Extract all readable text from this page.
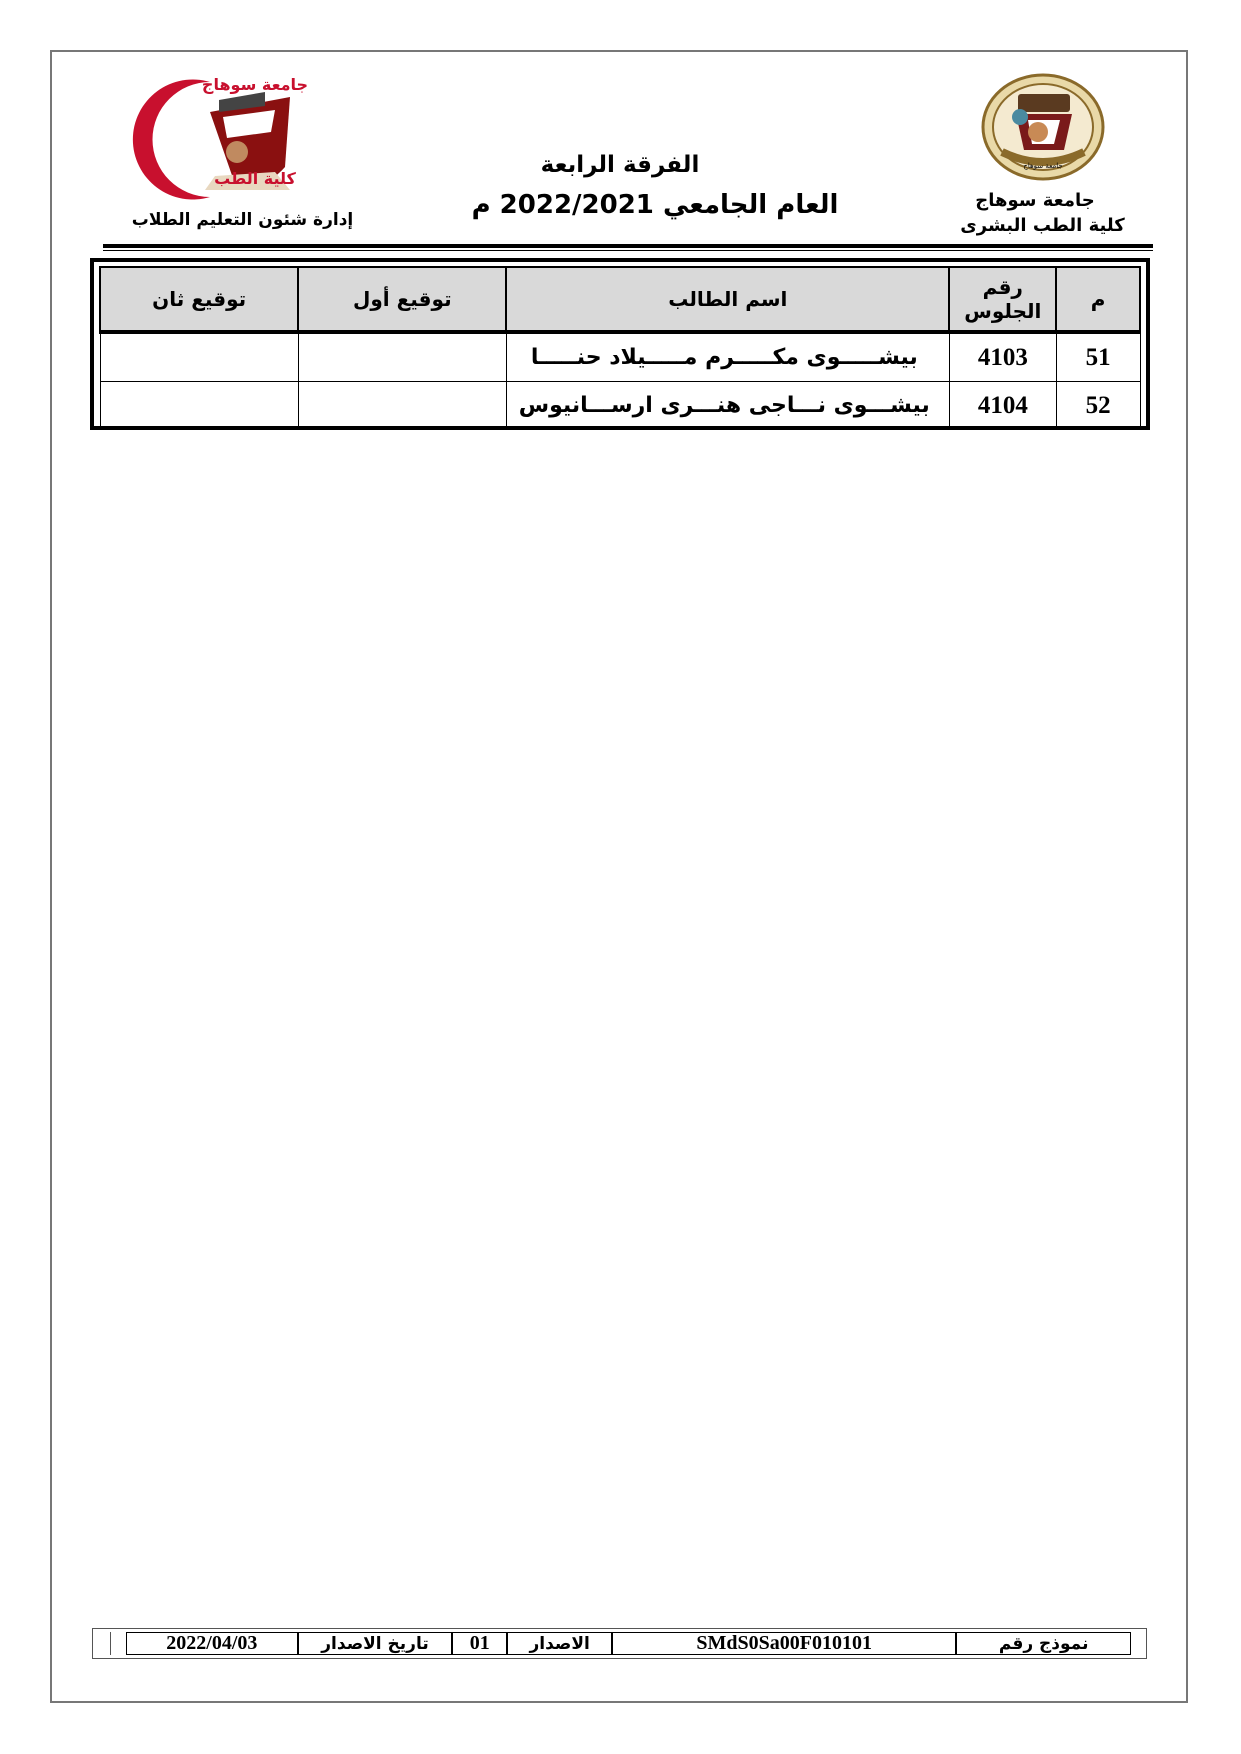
جامعة سوهاج
جامعة سوهاج
كلية الطب
جامعة سوهاج
كلية الطب البشرى
إدارة شئون التعليم الطلاب
الفرقة الرابعة
العام الجامعي 2022/2021 م
م	رقم الجلوس	اسم الطالب	توقيع أول	توقيع ثان
51	4103	بيشـــــوى مكـــــرم مـــــيلاد حنـــــا		
52	4104	بيشـــوى نـــاجى هنـــرى ارســـانيوس		
نموذج رقم
SMdS0Sa00F010101
الاصدار
01
تاريخ الاصدار
2022/04/03
